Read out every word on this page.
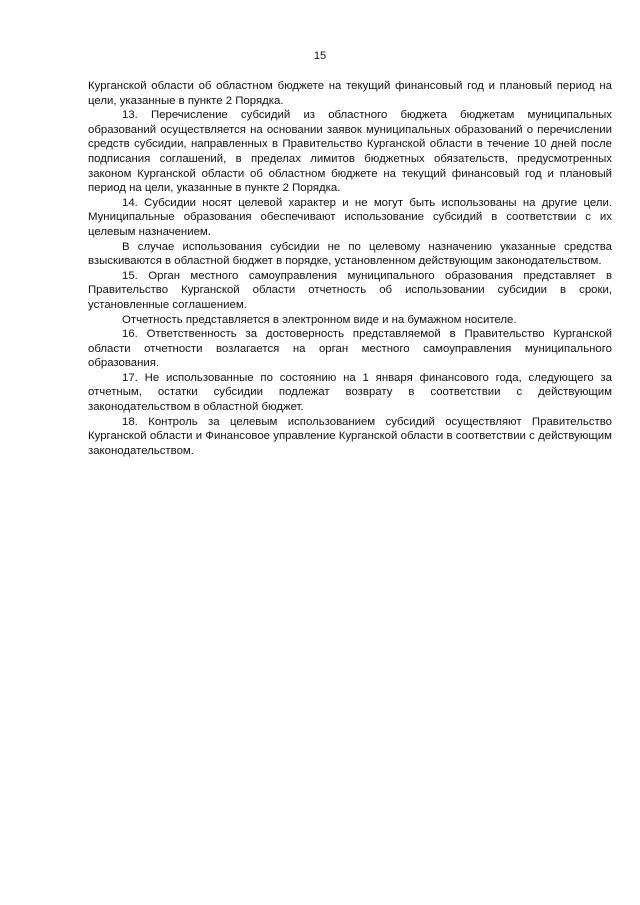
15

Курганской области об областном бюджете на текущий финансовый год и плановый период на цели, указанные в пункте 2 Порядка.

13. Перечисление субсидий из областного бюджета бюджетам муниципальных образований осуществляется на основании заявок муниципальных образований о перечислении средств субсидии, направленных в Правительство Курганской области в течение 10 дней после подписания соглашений, в пределах лимитов бюджетных обязательств, предусмотренных законом Курганской области об областном бюджете на текущий финансовый год и плановый период на цели, указанные в пункте 2 Порядка.

14. Субсидии носят целевой характер и не могут быть использованы на другие цели. Муниципальные образования обеспечивают использование субсидий в соответствии с их целевым назначением.

В случае использования субсидии не по целевому назначению указанные средства взыскиваются в областной бюджет в порядке, установленном действующим законодательством.

15. Орган местного самоуправления муниципального образования представляет в Правительство Курганской области отчетность об использовании субсидии в сроки, установленные соглашением.

Отчетность представляется в электронном виде и на бумажном носителе.

16. Ответственность за достоверность представляемой в Правительство Курганской области отчетности возлагается на орган местного самоуправления муниципального образования.

17. Не использованные по состоянию на 1 января финансового года, следующего за отчетным, остатки субсидии подлежат возврату в соответствии с действующим законодательством в областной бюджет.

18. Контроль за целевым использованием субсидий осуществляют Правительство Курганской области и Финансовое управление Курганской области в соответствии с действующим законодательством.
